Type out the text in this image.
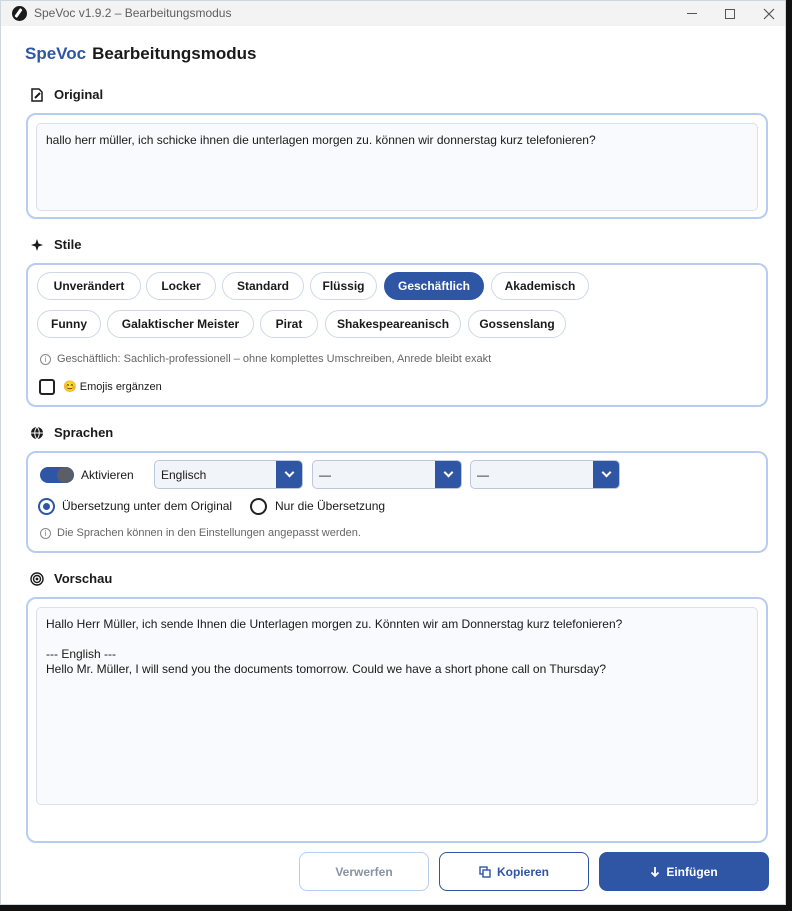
SpeVoc v1.9.2 – Bearbeitungsmodus
SpeVoc Bearbeitungsmodus
Original
hallo herr müller, ich schicke ihnen die unterlagen morgen zu. können wir donnerstag kurz telefonieren?
Stile
Unverändert	Locker	Standard	Flüssig	Geschäftlich	Akademisch
Funny	Galaktischer Meister	Pirat	Shakespeareanisch	Gossenslang
i Geschäftlich: Sachlich-professionell – ohne komplettes Umschreiben, Anrede bleibt exakt
😊 Emojis ergänzen
Sprachen
Aktivieren Englisch	—	—
Übersetzung unter dem Original	Nur die Übersetzung
i Die Sprachen können in den Einstellungen angepasst werden.
Vorschau
Hallo Herr Müller, ich sende Ihnen die Unterlagen morgen zu. Könnten wir am Donnerstag kurz telefonieren?

--- English ---
Hello Mr. Müller, I will send you the documents tomorrow. Could we have a short phone call on Thursday?
Verwerfen	Kopieren	Einfügen
